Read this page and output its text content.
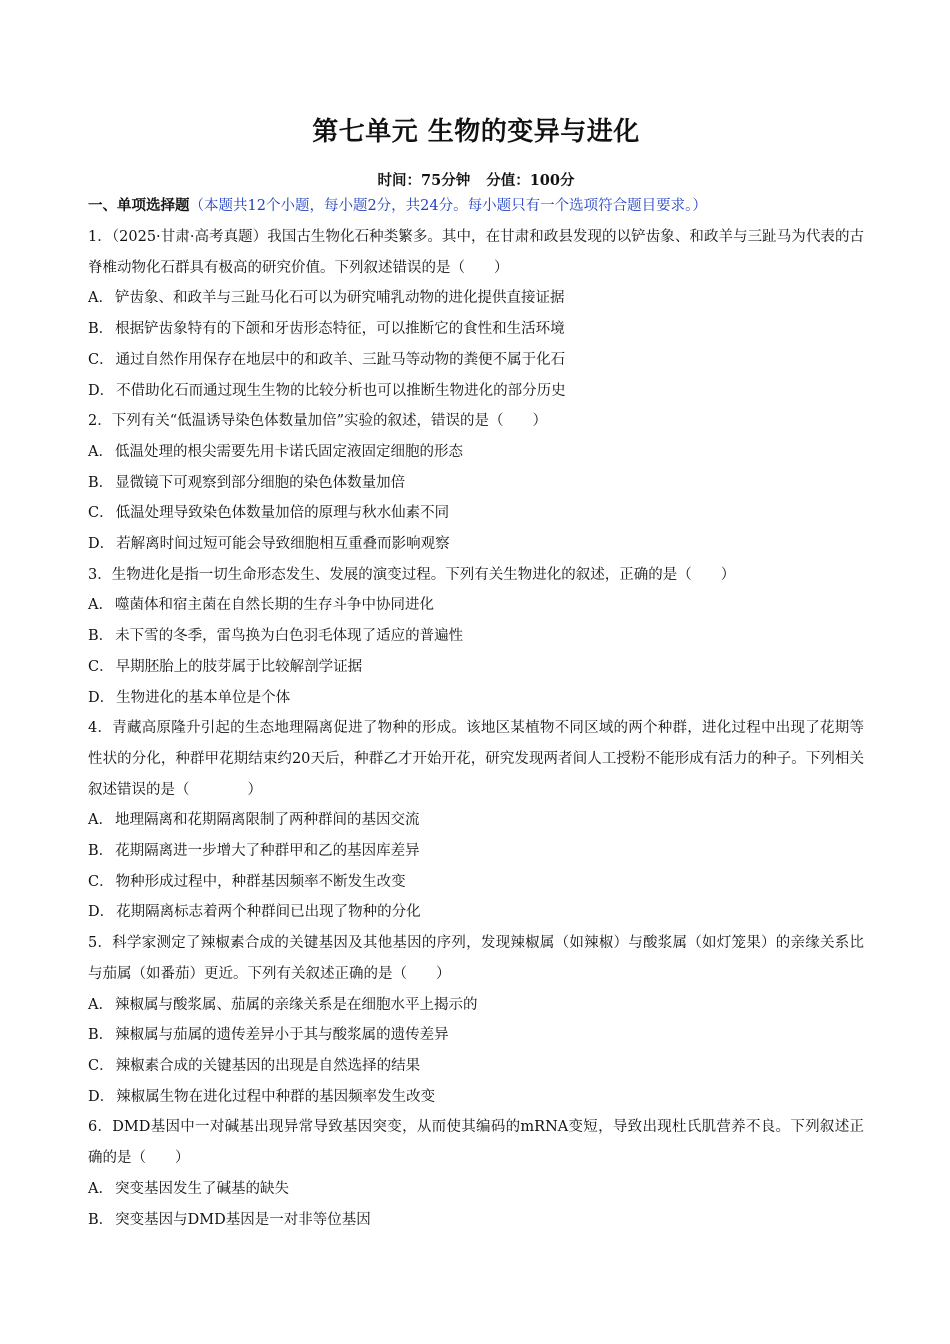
第七单元 生物的变异与进化
时间：75分钟 分值：100分
一、单项选择题（本题共12个小题，每小题2分，共24分。每小题只有一个选项符合题目要求。）
1．（2025·甘肃·高考真题）我国古生物化石种类繁多。其中，在甘肃和政县发现的以铲齿象、和政羊与三趾马为代表的古脊椎动物化石群具有极高的研究价值。下列叙述错误的是（　　）
A． 铲齿象、和政羊与三趾马化石可以为研究哺乳动物的进化提供直接证据
B． 根据铲齿象特有的下颌和牙齿形态特征，可以推断它的食性和生活环境
C． 通过自然作用保存在地层中的和政羊、三趾马等动物的粪便不属于化石
D． 不借助化石而通过现生生物的比较分析也可以推断生物进化的部分历史
2．下列有关“低温诱导染色体数量加倍”实验的叙述，错误的是（　　）
A． 低温处理的根尖需要先用卡诺氏固定液固定细胞的形态
B． 显微镜下可观察到部分细胞的染色体数量加倍
C． 低温处理导致染色体数量加倍的原理与秋水仙素不同
D． 若解离时间过短可能会导致细胞相互重叠而影响观察
3．生物进化是指一切生命形态发生、发展的演变过程。下列有关生物进化的叙述，正确的是（　　）
A． 噬菌体和宿主菌在自然长期的生存斗争中协同进化
B． 未下雪的冬季，雷鸟换为白色羽毛体现了适应的普遍性
C． 早期胚胎上的肢芽属于比较解剖学证据
D． 生物进化的基本单位是个体
4．青藏高原隆升引起的生态地理隔离促进了物种的形成。该地区某植物不同区域的两个种群，进化过程中出现了花期等性状的分化，种群甲花期结束约20天后，种群乙才开始开花，研究发现两者间人工授粉不能形成有活力的种子。下列相关叙述错误的是（　　　　）
A． 地理隔离和花期隔离限制了两种群间的基因交流
B． 花期隔离进一步增大了种群甲和乙的基因库差异
C． 物种形成过程中，种群基因频率不断发生改变
D． 花期隔离标志着两个种群间已出现了物种的分化
5．科学家测定了辣椒素合成的关键基因及其他基因的序列，发现辣椒属（如辣椒）与酸浆属（如灯笼果）的亲缘关系比与茄属（如番茄）更近。下列有关叙述正确的是（　　）
A． 辣椒属与酸浆属、茄属的亲缘关系是在细胞水平上揭示的
B． 辣椒属与茄属的遗传差异小于其与酸浆属的遗传差异
C． 辣椒素合成的关键基因的出现是自然选择的结果
D． 辣椒属生物在进化过程中种群的基因频率发生改变
6．DMD基因中一对碱基出现异常导致基因突变，从而使其编码的mRNA变短，导致出现杜氏肌营养不良。下列叙述正确的是（　　）
A． 突变基因发生了碱基的缺失
B． 突变基因与DMD基因是一对非等位基因
